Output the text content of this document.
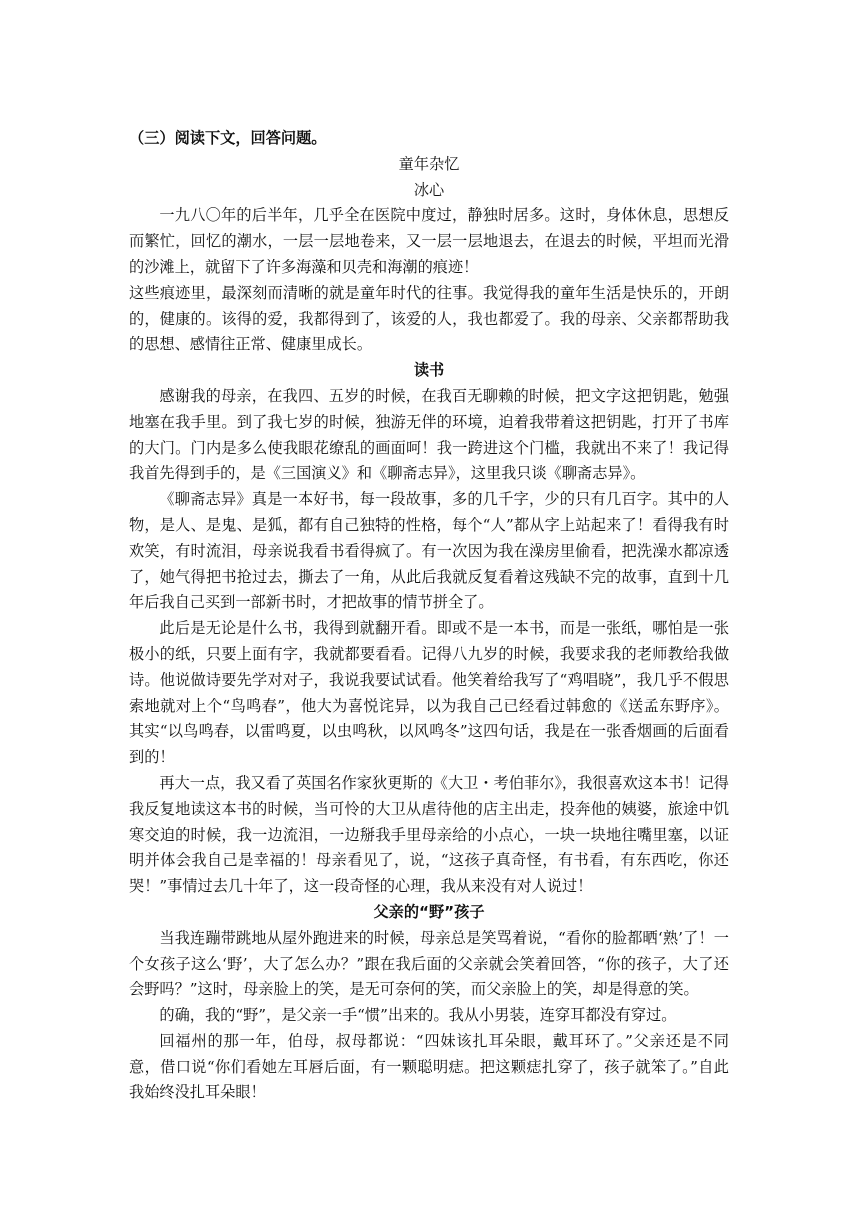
（三）阅读下文，回答问题。

童年杂忆

冰心

一九八〇年的后半年，几乎全在医院中度过，静独时居多。这时，身体休息，思想反而繁忙，回忆的潮水，一层一层地卷来，又一层一层地退去，在退去的时候，平坦而光滑的沙滩上，就留下了许多海藻和贝壳和海潮的痕迹！

这些痕迹里，最深刻而清晰的就是童年时代的往事。我觉得我的童年生活是快乐的，开朗的，健康的。该得的爱，我都得到了，该爱的人，我也都爱了。我的母亲、父亲都帮助我的思想、感情往正常、健康里成长。

读书

感谢我的母亲，在我四、五岁的时候，在我百无聊赖的时候，把文字这把钥匙，勉强地塞在我手里。到了我七岁的时候，独游无伴的环境，迫着我带着这把钥匙，打开了书库的大门。门内是多么使我眼花缭乱的画面呵！我一跨进这个门槛，我就出不来了！我记得我首先得到手的，是《三国演义》和《聊斋志异》，这里我只谈《聊斋志异》。

《聊斋志异》真是一本好书，每一段故事，多的几千字，少的只有几百字。其中的人物，是人、是鬼、是狐，都有自己独特的性格，每个“人”都从字上站起来了！看得我有时欢笑，有时流泪，母亲说我看书看得疯了。有一次因为我在澡房里偷看，把洗澡水都凉透了，她气得把书抢过去，撕去了一角，从此后我就反复看着这残缺不完的故事，直到十几年后我自己买到一部新书时，才把故事的情节拼全了。

此后是无论是什么书，我得到就翻开看。即或不是一本书，而是一张纸，哪怕是一张极小的纸，只要上面有字，我就都要看看。记得八九岁的时候，我要求我的老师教给我做诗。他说做诗要先学对对子，我说我要试试看。他笑着给我写了“鸡唱晓”，我几乎不假思索地就对上个“鸟鸣春”，他大为喜悦诧异，以为我自己已经看过韩愈的《送孟东野序》。其实“以鸟鸣春，以雷鸣夏，以虫鸣秋，以风鸣冬”这四句话，我是在一张香烟画的后面看到的！

再大一点，我又看了英国名作家狄更斯的《大卫・考伯菲尔》，我很喜欢这本书！记得我反复地读这本书的时候，当可怜的大卫从虐待他的店主出走，投奔他的姨婆，旅途中饥寒交迫的时候，我一边流泪，一边掰我手里母亲给的小点心，一块一块地往嘴里塞，以证明并体会我自己是幸福的！母亲看见了，说，“这孩子真奇怪，有书看，有东西吃，你还哭！”事情过去几十年了，这一段奇怪的心理，我从来没有对人说过！

父亲的“野”孩子

当我连蹦带跳地从屋外跑进来的时候，母亲总是笑骂着说，“看你的脸都晒‘熟’了！一个女孩子这么‘野’，大了怎么办？”跟在我后面的父亲就会笑着回答，“你的孩子，大了还会野吗？”这时，母亲脸上的笑，是无可奈何的笑，而父亲脸上的笑，却是得意的笑。

的确，我的“野”，是父亲一手“惯”出来的。我从小男装，连穿耳都没有穿过。

回福州的那一年，伯母，叔母都说：“四妹该扎耳朵眼，戴耳环了。”父亲还是不同意，借口说“你们看她左耳唇后面，有一颗聪明痣。把这颗痣扎穿了，孩子就笨了。”自此我始终没扎耳朵眼！
